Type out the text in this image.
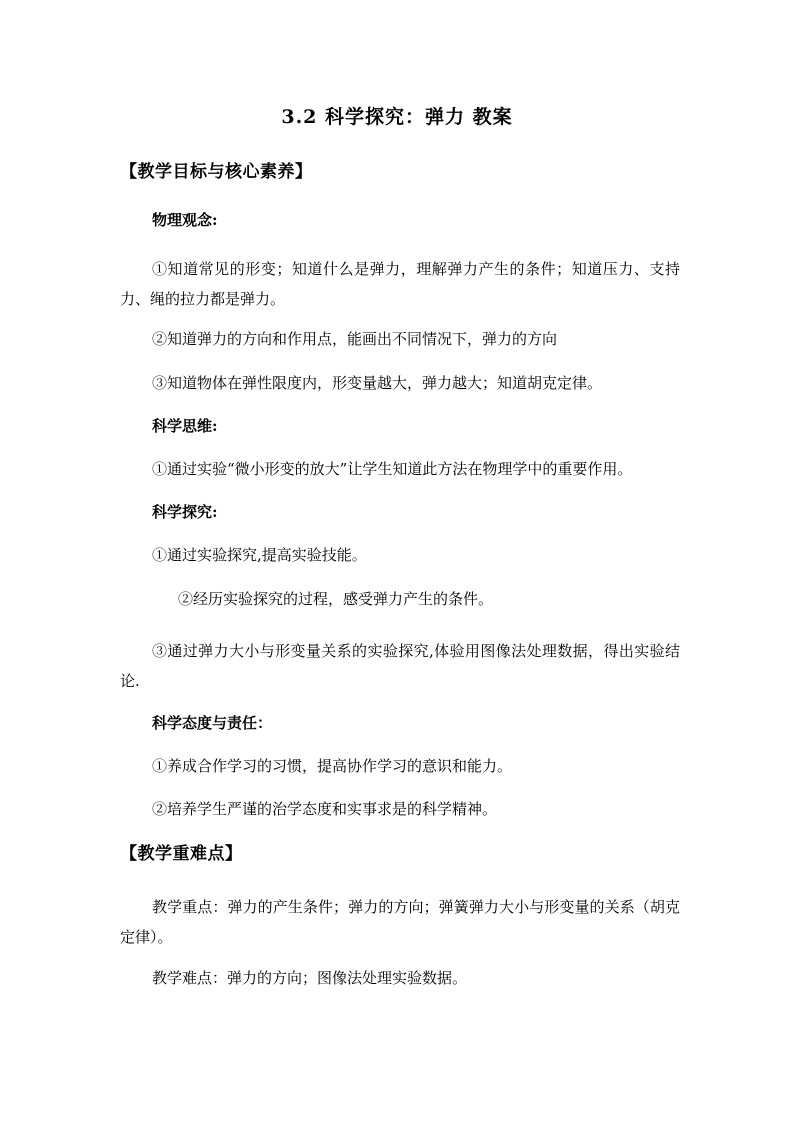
3.2 科学探究：弹力 教案
【教学目标与核心素养】
物理观念:
①知道常见的形变；知道什么是弹力，理解弹力产生的条件；知道压力、支持力、绳的拉力都是弹力。
②知道弹力的方向和作用点，能画出不同情况下，弹力的方向
③知道物体在弹性限度内，形变量越大，弹力越大；知道胡克定律。
科学思维:
①通过实验“微小形变的放大”让学生知道此方法在物理学中的重要作用。
科学探究:
①通过实验探究,提高实验技能。
②经历实验探究的过程，感受弹力产生的条件。
③通过弹力大小与形变量关系的实验探究,体验用图像法处理数据，得出实验结论.
科学态度与责任：
①养成合作学习的习惯，提高协作学习的意识和能力。
②培养学生严谨的治学态度和实事求是的科学精神。
【教学重难点】
教学重点：弹力的产生条件；弹力的方向；弹簧弹力大小与形变量的关系（胡克定律）。
教学难点：弹力的方向；图像法处理实验数据。
